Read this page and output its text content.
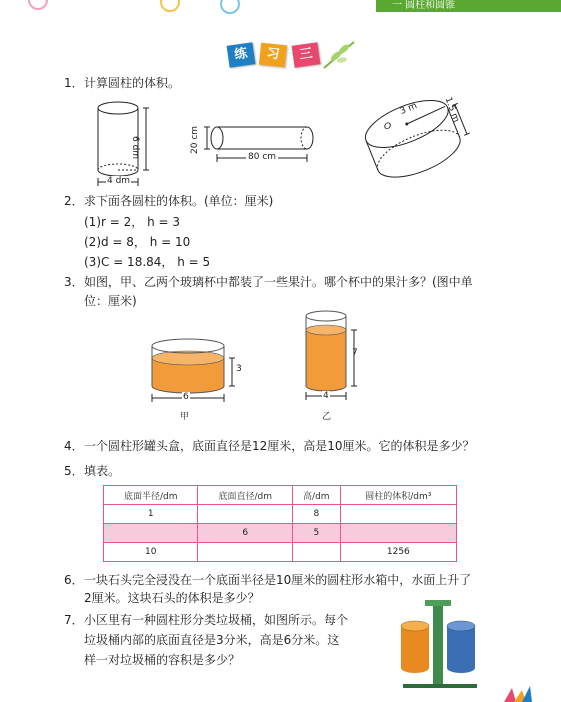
一 圆柱和圆锥
练	习	三
1． 计算圆柱的体积。
6 dm
4 dm
20 cm
80 cm
O
3 m	1.5 m
2． 求下面各圆柱的体积。(单位：厘米)
(1)r = 2， h = 3
(2)d = 8， h = 10
(3)C = 18.84， h = 5
3． 如图，甲、乙两个玻璃杯中都装了一些果汁。哪个杯中的果汁多？(图中单
位：厘米)
3
6
甲
7
4
乙
4． 一个圆柱形罐头盒，底面直径是12厘米，高是10厘米。它的体积是多少？
5． 填表。
底面半径/dm	底面直径/dm	高/dm	圆柱的体积/dm³
1		8	
	6	5	
10			1256
6． 一块石头完全浸没在一个底面半径是10厘米的圆柱形水箱中，水面上升了
2厘米。这块石头的体积是多少？
7． 小区里有一种圆柱形分类垃圾桶，如图所示。每个
垃圾桶内部的底面直径是3分米，高是6分米。这
样一对垃圾桶的容积是多少？
